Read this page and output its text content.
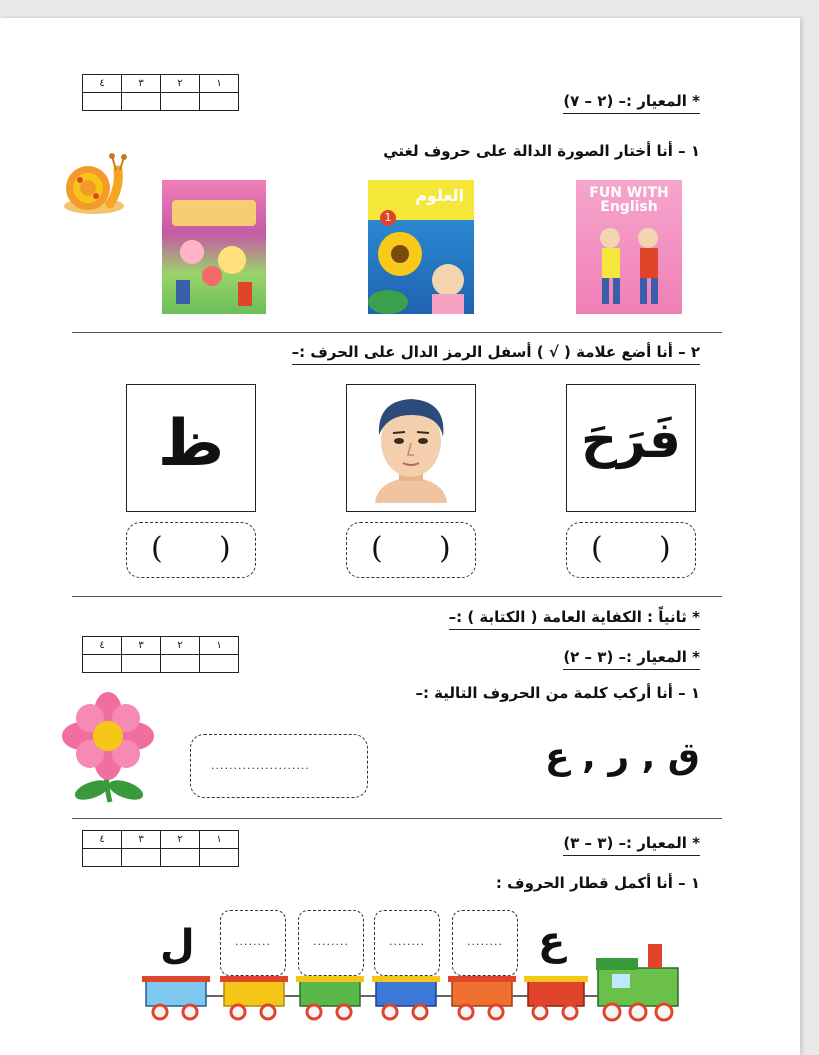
١	٢	٣	٤

* المعيار :– (٢ – ٧)
١ – أنا أختار الصورة الدالة على حروف لغتي
العلوم
1
FUN WITH English
٢ – أنا أضع علامة ( √ ) أسفل الرمز الدال على الحرف :–
ظ	فَرَحَ
( )	( )	( )
* ثانياً : الكفاية العامة ( الكتابة ) :–
١	٢	٣	٤

* المعيار :– (٣ – ٢)
١ – أنا أركب كلمة من الحروف التالية :–
......................	ق , ر , ع
١	٢	٣	٤
				* المعيار :– (٣ – ٣)
١ – أنا أكمل قطار الحروف :
ل	ع
........	........	........	........
